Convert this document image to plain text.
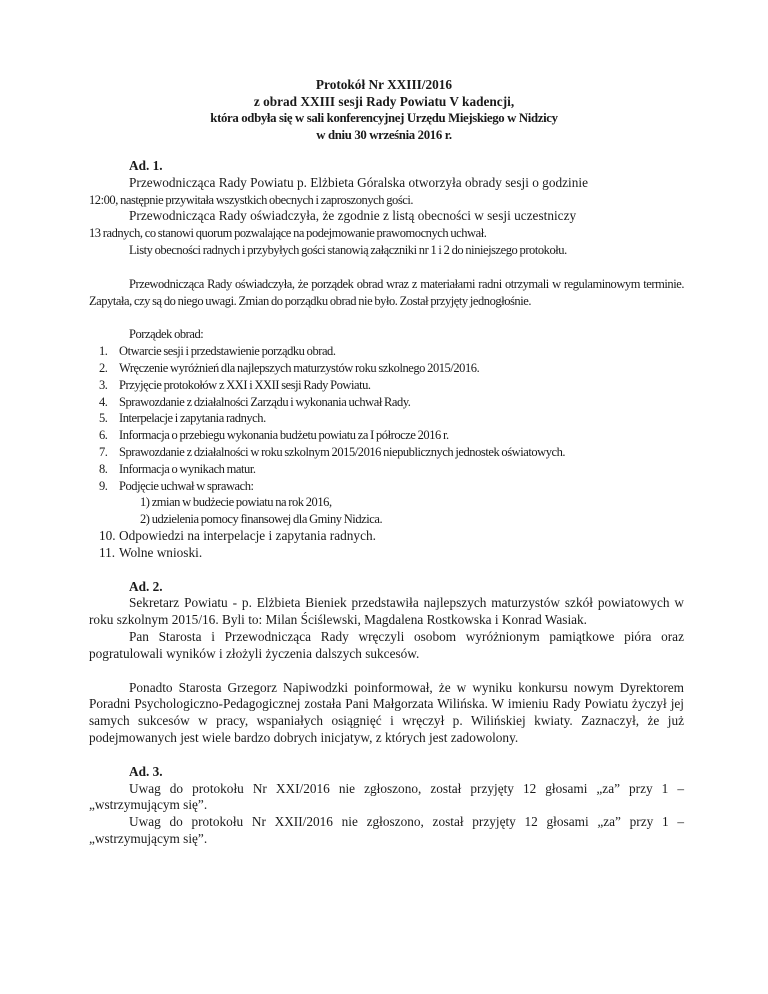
Protokół Nr XXIII/2016
z obrad XXIII sesji Rady Powiatu V kadencji,
która odbyła się w sali konferencyjnej Urzędu Miejskiego w Nidzicy
w dniu 30 września 2016 r.
Ad. 1.
Przewodnicząca Rady Powiatu p. Elżbieta Góralska otworzyła obrady sesji o godzinie
12:00, następnie przywitała wszystkich obecnych i zaproszonych gości.
Przewodnicząca Rady oświadczyła, że zgodnie z listą obecności w sesji uczestniczy
13 radnych, co stanowi quorum pozwalające na podejmowanie prawomocnych uchwał.
Listy obecności radnych i przybyłych gości stanowią załączniki nr 1 i 2 do niniejszego protokołu.
Przewodnicząca Rady oświadczyła, że porządek obrad wraz z materiałami radni otrzymali w regulaminowym terminie. Zapytała, czy są do niego uwagi. Zmian do porządku obrad nie było. Został przyjęty jednogłośnie.
Porządek obrad:
1. Otwarcie sesji i przedstawienie porządku obrad.
2. Wręczenie wyróżnień dla najlepszych maturzystów roku szkolnego 2015/2016.
3. Przyjęcie protokołów z XXI i XXII sesji Rady Powiatu.
4. Sprawozdanie z działalności Zarządu i wykonania uchwał Rady.
5. Interpelacje i zapytania radnych.
6. Informacja o przebiegu wykonania budżetu powiatu za I półrocze 2016 r.
7. Sprawozdanie z działalności w roku szkolnym 2015/2016 niepublicznych jednostek oświatowych.
8. Informacja o wynikach matur.
9. Podjęcie uchwał w sprawach:
1) zmian w budżecie powiatu na rok 2016,
2) udzielenia pomocy finansowej dla Gminy Nidzica.
10. Odpowiedzi na interpelacje i zapytania radnych.
11. Wolne wnioski.
Ad. 2.
Sekretarz Powiatu - p. Elżbieta Bieniek przedstawiła najlepszych maturzystów szkół powiatowych w roku szkolnym 2015/16. Byli to: Milan Ściślewski, Magdalena Rostkowska i Konrad Wasiak.
Pan Starosta i Przewodnicząca Rady wręczyli osobom wyróżnionym pamiątkowe pióra oraz pogratulowali wyników i złożyli życzenia dalszych sukcesów.
Ponadto Starosta Grzegorz Napiwodzki poinformował, że w wyniku konkursu nowym Dyrektorem Poradni Psychologiczno-Pedagogicznej została Pani Małgorzata Wilińska. W imieniu Rady Powiatu życzył jej samych sukcesów w pracy, wspaniałych osiągnięć i wręczył p. Wilińskiej kwiaty. Zaznaczył, że już podejmowanych jest wiele bardzo dobrych inicjatyw, z których jest zadowolony.
Ad. 3.
Uwag do protokołu Nr XXI/2016 nie zgłoszono, został przyjęty 12 głosami „za” przy 1 – „wstrzymującym się”.
Uwag do protokołu Nr XXII/2016 nie zgłoszono, został przyjęty 12 głosami „za” przy 1 – „wstrzymującym się”.
